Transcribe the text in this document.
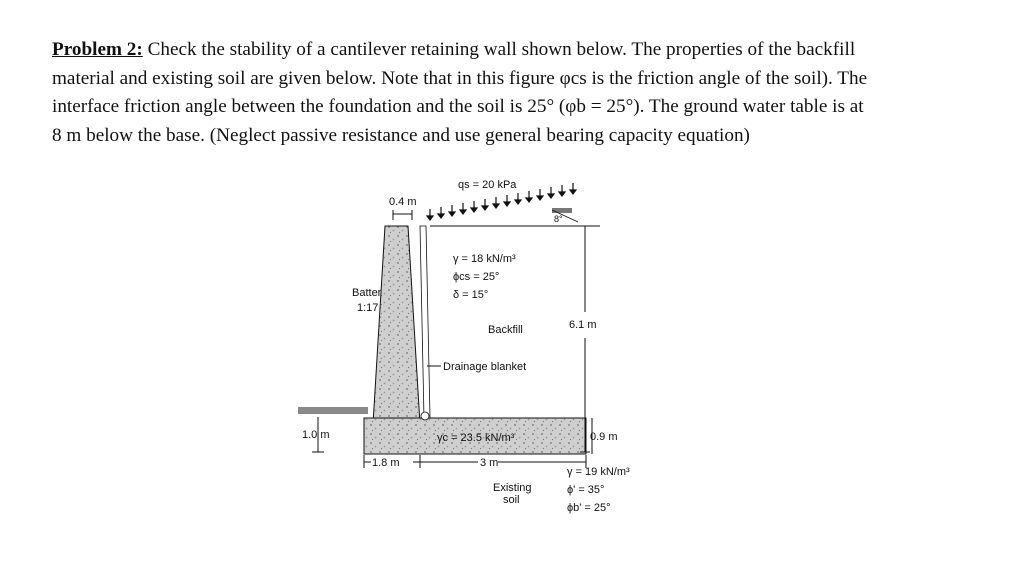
Problem 2: Check the stability of a cantilever retaining wall shown below. The properties of the backfill
material and existing soil are given below. Note that in this figure φcs is the friction angle of the soil). The
interface friction angle between the foundation and the soil is 25° (φb = 25°). The ground water table is at
8 m below the base. (Neglect passive resistance and use general bearing capacity equation)
0.4 m
qs = 20 kPa
8°
Batter
1:17
γ = 18 kN/m³
ϕcs = 25°
δ = 15°
Backfill
Drainage blanket
6.1 m
0.9 m
1.0 m	γc = 23.5 kN/m³
1.8 m	3 m
Existing
soil
γ = 19 kN/m³
ϕ' = 35°
ϕb' = 25°
